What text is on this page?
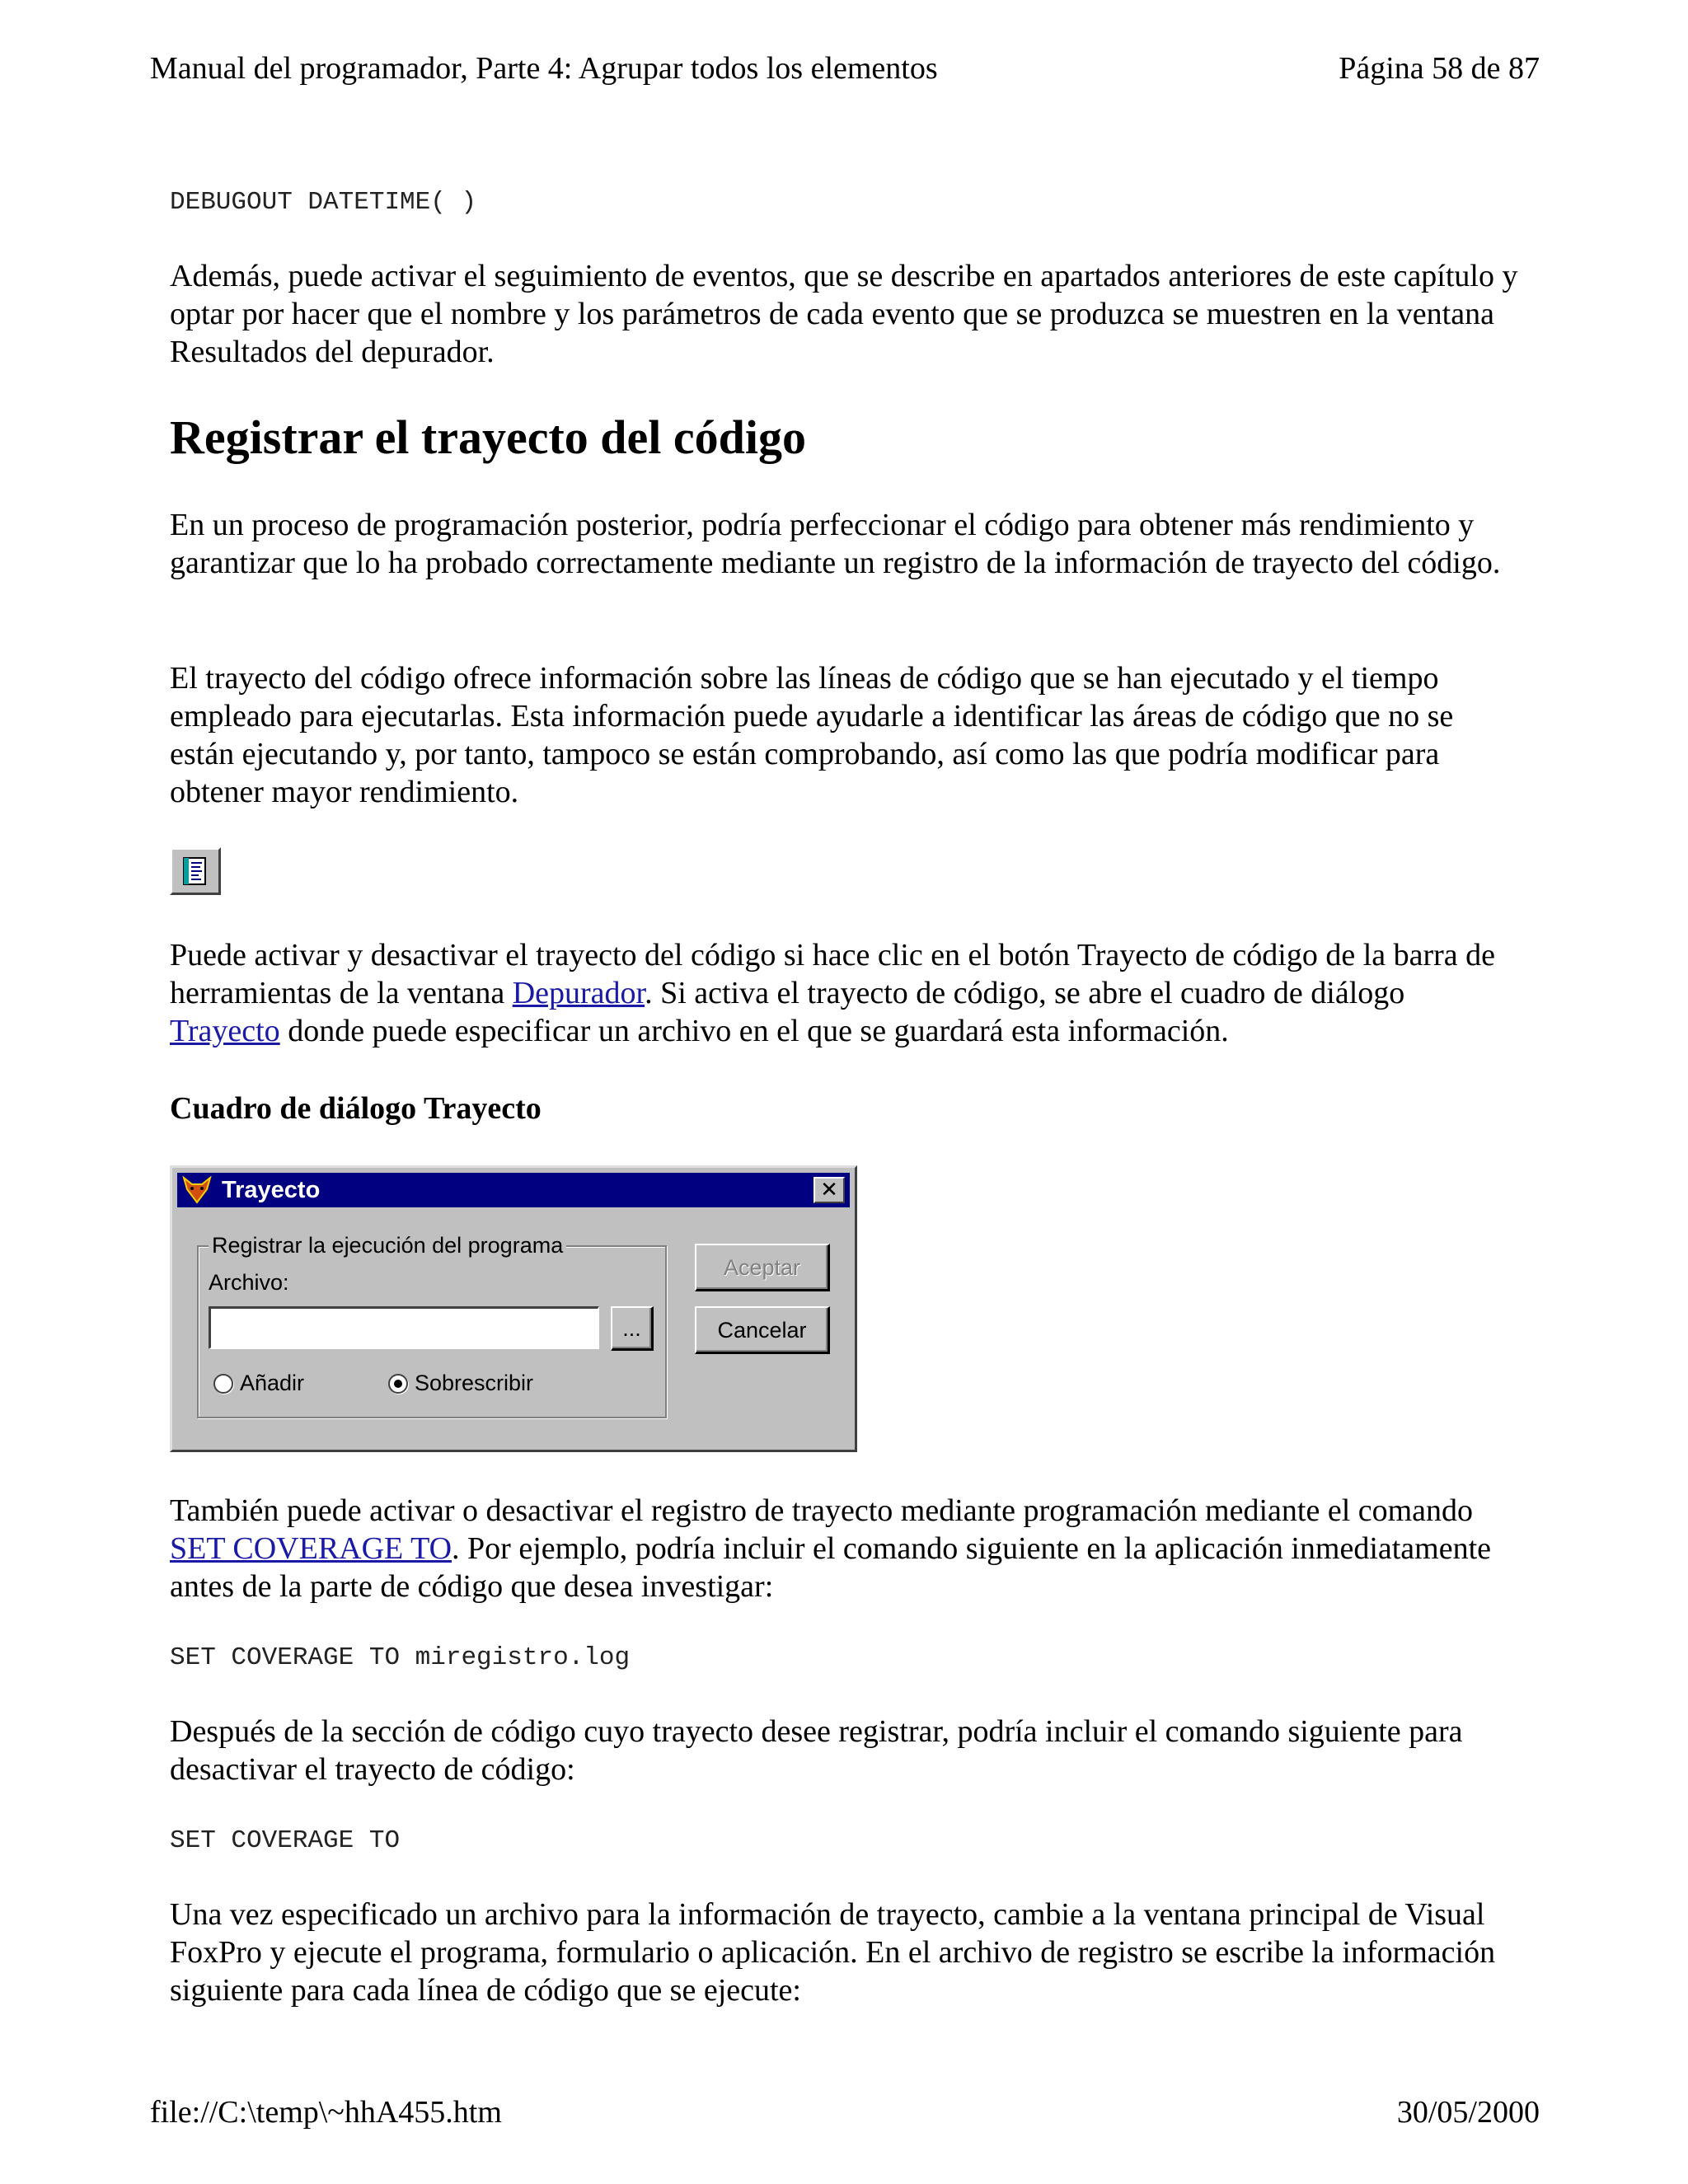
Manual del programador, Parte 4: Agrupar todos los elementos	Página 58 de 87
DEBUGOUT DATETIME( )
Además, puede activar el seguimiento de eventos, que se describe en apartados anteriores de este capítulo y optar por hacer que el nombre y los parámetros de cada evento que se produzca se muestren en la ventana Resultados del depurador.
Registrar el trayecto del código
En un proceso de programación posterior, podría perfeccionar el código para obtener más rendimiento y garantizar que lo ha probado correctamente mediante un registro de la información de trayecto del código.
El trayecto del código ofrece información sobre las líneas de código que se han ejecutado y el tiempo empleado para ejecutarlas. Esta información puede ayudarle a identificar las áreas de código que no se están ejecutando y, por tanto, tampoco se están comprobando, así como las que podría modificar para obtener mayor rendimiento.
Puede activar y desactivar el trayecto del código si hace clic en el botón Trayecto de código de la barra de herramientas de la ventana Depurador. Si activa el trayecto de código, se abre el cuadro de diálogo Trayecto donde puede especificar un archivo en el que se guardará esta información.
Cuadro de diálogo Trayecto
Trayecto	✕
Registrar la ejecución del programa
Archivo:
...
Añadir	Sobrescribir
Aceptar
Cancelar
También puede activar o desactivar el registro de trayecto mediante programación mediante el comando SET COVERAGE TO. Por ejemplo, podría incluir el comando siguiente en la aplicación inmediatamente antes de la parte de código que desea investigar:
SET COVERAGE TO miregistro.log
Después de la sección de código cuyo trayecto desee registrar, podría incluir el comando siguiente para desactivar el trayecto de código:
SET COVERAGE TO
Una vez especificado un archivo para la información de trayecto, cambie a la ventana principal de Visual FoxPro y ejecute el programa, formulario o aplicación. En el archivo de registro se escribe la información siguiente para cada línea de código que se ejecute:
file://C:\temp\~hhA455.htm	30/05/2000
